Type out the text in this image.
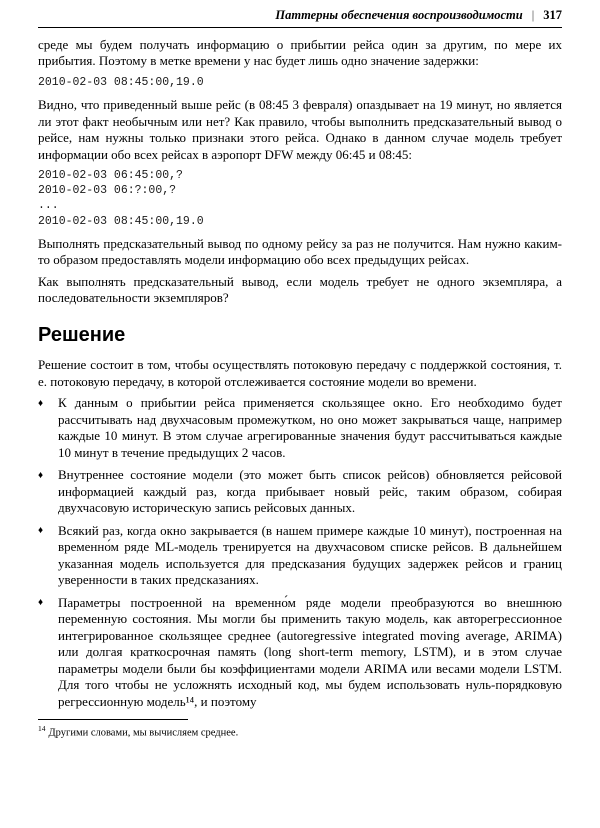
Паттерны обеспечения воспроизводимости | 317

среде мы будем получать информацию о прибытии рейса один за другим, по мере их прибытия. Поэтому в метке времени у нас будет лишь одно значение задержки:

2010-02-03 08:45:00,19.0

Видно, что приведенный выше рейс (в 08:45 3 февраля) опаздывает на 19 минут, но является ли этот факт необычным или нет? Как правило, чтобы выполнить предсказательный вывод о рейсе, нам нужны только признаки этого рейса. Однако в данном случае модель требует информации обо всех рейсах в аэропорт DFW между 06:45 и 08:45:

2010-02-03 06:45:00,?
2010-02-03 06:?:00,?
...
2010-02-03 08:45:00,19.0

Выполнять предсказательный вывод по одному рейсу за раз не получится. Нам нужно каким-то образом предоставлять модели информацию обо всех предыдущих рейсах.

Как выполнять предсказательный вывод, если модель требует не одного экземпляра, а последовательности экземпляров?

Решение

Решение состоит в том, чтобы осуществлять потоковую передачу с поддержкой состояния, т. е. потоковую передачу, в которой отслеживается состояние модели во времени.

♦	К данным о прибытии рейса применяется скользящее окно. Его необходимо будет рассчитывать над двухчасовым промежутком, но оно может закрываться чаще, например каждые 10 минут. В этом случае агрегированные значения будут рассчитываться каждые 10 минут в течение предыдущих 2 часов.
♦	Внутреннее состояние модели (это может быть список рейсов) обновляется рейсовой информацией каждый раз, когда прибывает новый рейс, таким образом, собирая двухчасовую историческую запись рейсовых данных.
♦	Всякий раз, когда окно закрывается (в нашем примере каждые 10 минут), построенная на временно́м ряде ML-модель тренируется на двухчасовом списке рейсов. В дальнейшем указанная модель используется для предсказания будущих задержек рейсов и границ уверенности в таких предсказаниях.
♦	Параметры построенной на временно́м ряде модели преобразуются во внешнюю переменную состояния. Мы могли бы применить такую модель, как авторегрессионное интегрированное скользящее среднее (autoregressive integrated moving average, ARIMA) или долгая краткосрочная память (long short-term memory, LSTM), и в этом случае параметры модели были бы коэффициентами модели ARIMA или весами модели LSTM. Для того чтобы не усложнять исходный код, мы будем использовать нуль-порядковую регрессионную модель¹⁴, и поэтому

$^{14}$ Другими словами, мы вычисляем среднее.
